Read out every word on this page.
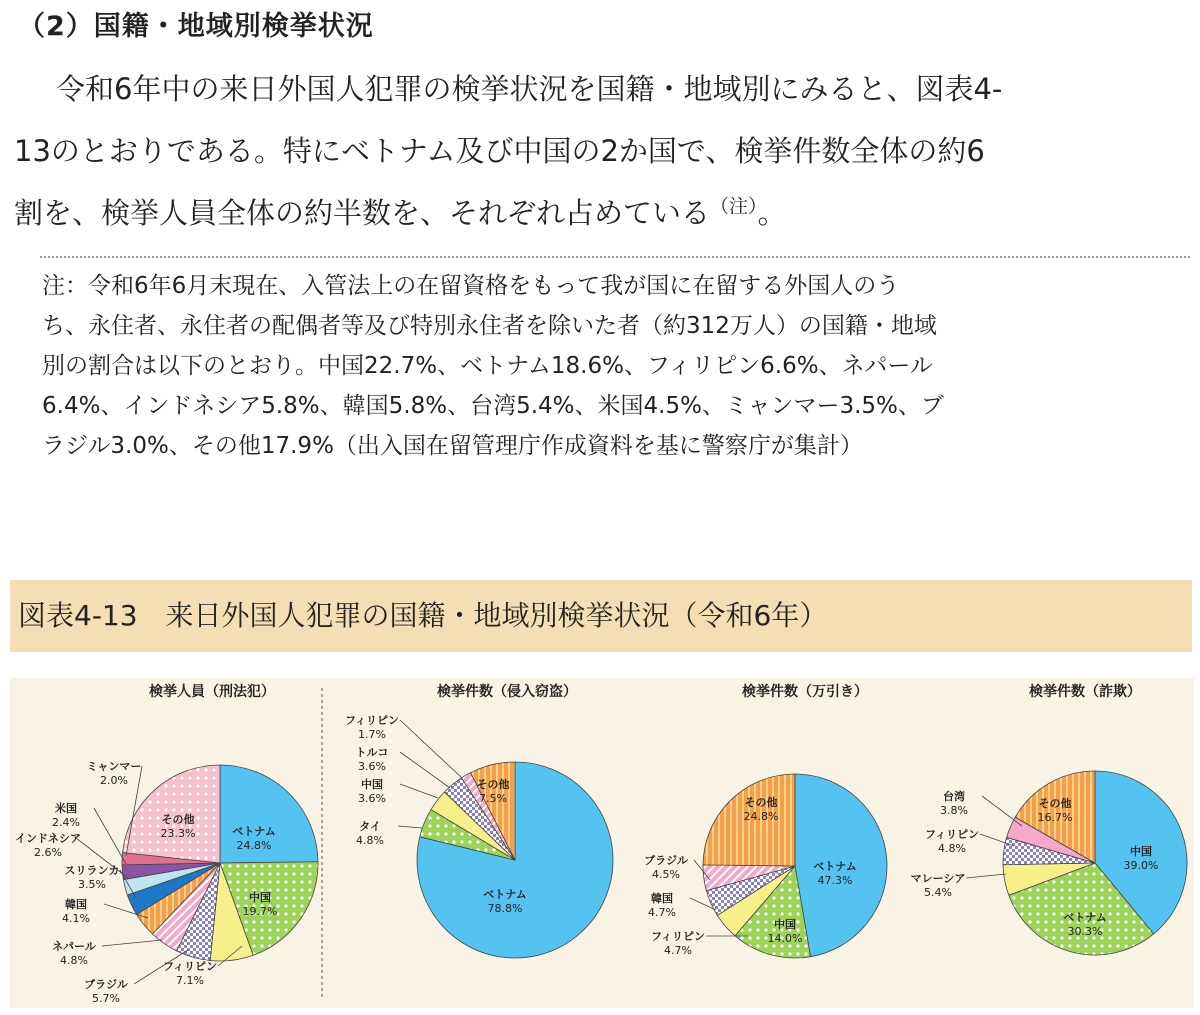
（2）国籍・地域別検挙状況
令和6年中の来日外国人犯罪の検挙状況を国籍・地域別にみると、図表4-
13のとおりである。特にベトナム及び中国の2か国で、検挙件数全体の約6
割を、検挙人員全体の約半数を、それぞれ占めている$^{(注)}$。
注：令和6年6月末現在、入管法上の在留資格をもって我が国に在留する外国人のう
ち、永住者、永住者の配偶者等及び特別永住者を除いた者（約312万人）の国籍・地域
別の割合は以下のとおり。中国22.7%、ベトナム18.6%、フィリピン6.6%、ネパール
6.4%、インドネシア5.8%、韓国5.8%、台湾5.4%、米国4.5%、ミャンマー3.5%、ブ
ラジル3.0%、その他17.9%（出入国在留管理庁作成資料を基に警察庁が集計）
図表4-13　来日外国人犯罪の国籍・地域別検挙状況（令和6年）
検挙人員（刑法犯）
ベトナム
24.8%
中国
19.7%
フィリピン
7.1%
ブラジル
5.7%
ネパール
4.8%
韓国
4.1%
スリランカ
3.5%
インドネシア
2.6%
米国
2.4%
ミャンマー
2.0%
その他
23.3%
検挙件数（侵入窃盗）
ベトナム
78.8%
タイ
4.8%
中国
3.6%
トルコ
3.6%
フィリピン
1.7%
その他
7.5%
検挙件数（万引き）
ベトナム
47.3%
中国
14.0%
フィリピン
4.7%
韓国
4.7%
ブラジル
4.5%
その他
24.8%
検挙件数（詐欺）
中国
39.0%
ベトナム
30.3%
マレーシア
5.4%
フィリピン
4.8%
台湾
3.8%
その他
16.7%
